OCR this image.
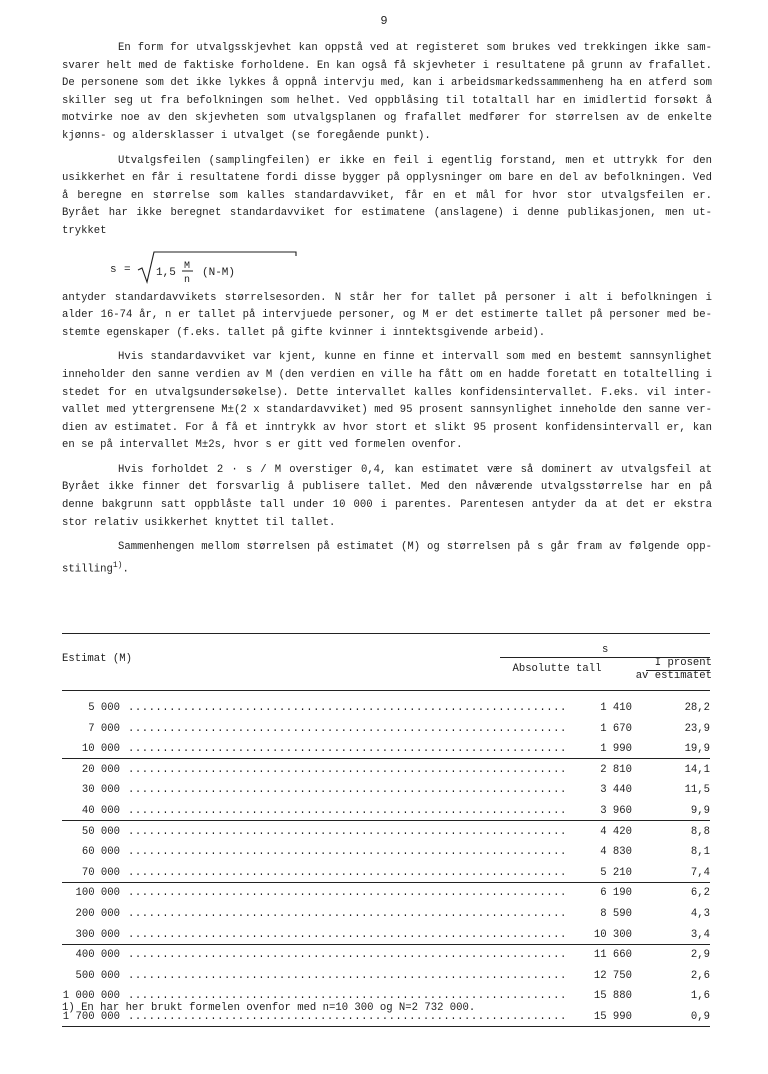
9

En form for utvalgsskjevhet kan oppstå ved at registeret som brukes ved trekkingen ikke sam- svarer helt med de faktiske forholdene. En kan også få skjevheter i resultatene på grunn av frafallet. De personene som det ikke lykkes å oppnå intervju med, kan i arbeidsmarkedssammenheng ha en atferd som skiller seg ut fra befolkningen som helhet. Ved oppblåsing til totaltall har en imidlertid forsøkt å motvirke noe av den skjevheten som utvalgsplanen og frafallet medfører for størrelsen av de enkelte kjønns- og aldersklasser i utvalget (se foregående punkt).

Utvalgsfeilen (samplingfeilen) er ikke en feil i egentlig forstand, men et uttrykk for den usikkerhet en får i resultatene fordi disse bygger på opplysninger om bare en del av befolkningen. Ved å beregne en størrelse som kalles standardavviket, får en et mål for hvor stor utvalgsfeilen er. Byrået har ikke beregnet standardavviket for estimatene (anslagene) i denne publikasjonen, men ut- trykket

s = 1,5
M
n
(N-M)

antyder standardavvikets størrelsesorden. N står her for tallet på personer i alt i befolkningen i alder 16-74 år, n er tallet på intervjuede personer, og M er det estimerte tallet på personer med be- stemte egenskaper (f.eks. tallet på gifte kvinner i inntektsgivende arbeid).

Hvis standardavviket var kjent, kunne en finne et intervall som med en bestemt sannsynlighet inneholder den sanne verdien av M (den verdien en ville ha fått om en hadde foretatt en totaltelling i stedet for en utvalgsundersøkelse). Dette intervallet kalles konfidensintervallet. F.eks. vil inter- vallet med yttergrensene M±(2 x standardavviket) med 95 prosent sannsynlighet inneholde den sanne ver- dien av estimatet. For å få et inntrykk av hvor stort et slikt 95 prosent konfidensintervall er, kan en se på intervallet M±2s, hvor s er gitt ved formelen ovenfor.

Hvis forholdet 2 · s / M overstiger 0,4, kan estimatet være så dominert av utvalgsfeil at Byrået ikke finner det forsvarlig å publisere tallet. Med den nåværende utvalgsstørrelse har en på denne bakgrunn satt oppblåste tall under 10 000 i parentes. Parentesen antyder da at det er ekstra stor relativ usikkerhet knyttet til tallet.

Sammenhengen mellom størrelsen på estimatet (M) og størrelsen på s går fram av følgende opp- stilling$^{1)}$.

Estimat (M)
s
Absolutte tall	I prosent
av estimatet
5 000 ................................................................	1 410	28,2
7 000 ................................................................	1 670	23,9
10 000 ................................................................	1 990	19,9
20 000 ................................................................	2 810	14,1
30 000 ................................................................	3 440	11,5
40 000 ................................................................	3 960	9,9
50 000 ................................................................	4 420	8,8
60 000 ................................................................	4 830	8,1
70 000 ................................................................	5 210	7,4
100 000 ................................................................	6 190	6,2
200 000 ................................................................	8 590	4,3
300 000 ................................................................	10 300	3,4
400 000 ................................................................	11 660	2,9
500 000 ................................................................	12 750	2,6
1 000 000 ................................................................	15 880	1,6
1 700 000 ................................................................	15 990	0,9
1) En har her brukt formelen ovenfor med n=10 300 og N=2 732 000.
